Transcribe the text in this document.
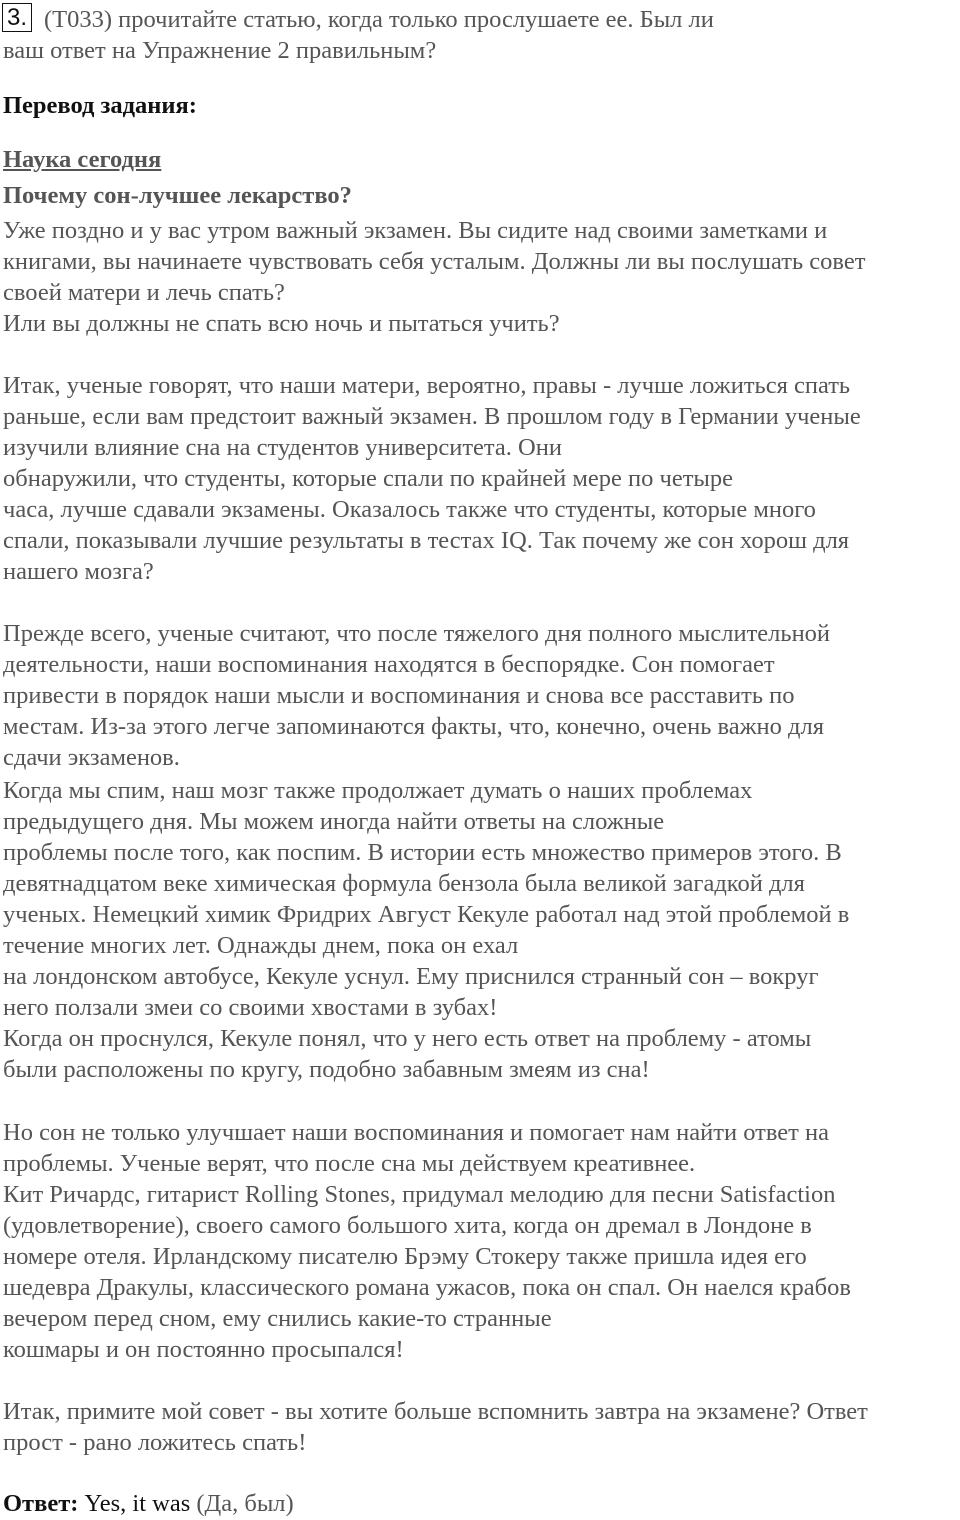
3. (T033) прочитайте статью, когда только прослушаете ее. Был ли
ваш ответ на Упражнение 2 правильным?
Перевод задания:
Наука сегодня
Почему сон-лучшее лекарство?
Уже поздно и у вас утром важный экзамен. Вы сидите над своими заметками и
книгами, вы начинаете чувствовать себя усталым. Должны ли вы послушать совет
своей матери и лечь спать?
Или вы должны не спать всю ночь и пытаться учить?
Итак, ученые говорят, что наши матери, вероятно, правы - лучше ложиться спать
раньше, если вам предстоит важный экзамен. В прошлом году в Германии ученые
изучили влияние сна на студентов университета. Они
обнаружили, что студенты, которые спали по крайней мере по четыре
часа, лучше сдавали экзамены. Оказалось также что студенты, которые много
спали, показывали лучшие результаты в тестах IQ. Так почему же сон хорош для
нашего мозга?
Прежде всего, ученые считают, что после тяжелого дня полного мыслительной
деятельности, наши воспоминания находятся в беспорядке. Сон помогает
привести в порядок наши мысли и воспоминания и снова все расставить по
местам. Из-за этого легче запоминаются факты, что, конечно, очень важно для
сдачи экзаменов.
Когда мы спим, наш мозг также продолжает думать о наших проблемах
предыдущего дня. Мы можем иногда найти ответы на сложные
проблемы после того, как поспим. В истории есть множество примеров этого. В
девятнадцатом веке химическая формула бензола была великой загадкой для
ученых. Немецкий химик Фридрих Август Кекуле работал над этой проблемой в
течение многих лет. Однажды днем, пока он ехал
на лондонском автобусе, Кекуле уснул. Ему приснился странный сон – вокруг
него ползали змеи со своими хвостами в зубах!
Когда он проснулся, Кекуле понял, что у него есть ответ на проблему - атомы
были расположены по кругу, подобно забавным змеям из сна!
Но сон не только улучшает наши воспоминания и помогает нам найти ответ на
проблемы. Ученые верят, что после сна мы действуем креативнее.
Кит Ричардс, гитарист Rolling Stones, придумал мелодию для песни Satisfaction
(удовлетворение), своего самого большого хита, когда он дремал в Лондоне в
номере отеля. Ирландскому писателю Брэму Стокеру также пришла идея его
шедевра Дракулы, классического романа ужасов, пока он спал. Он наелся крабов
вечером перед сном, ему снились какие-то странные
кошмары и он постоянно просыпался!
Итак, примите мой совет - вы хотите больше вспомнить завтра на экзамене? Ответ
прост - рано ложитесь спать!
Ответ: Yes, it was (Да, был)
